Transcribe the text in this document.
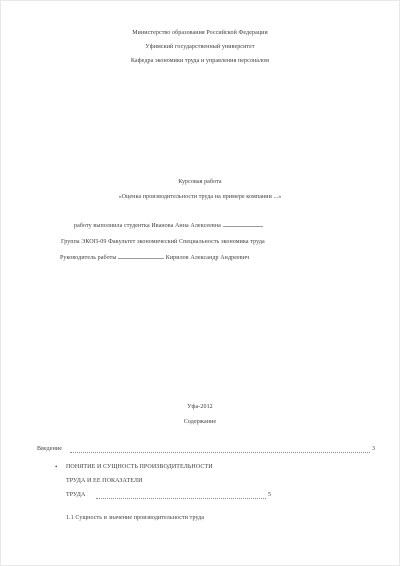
Министерство образования Российской Федерации
Уфимский государственный университет
Кафедра экономики труда и управления персоналом
Курсовая работа
«Оценка производительности труда на примере компании ...»
работу выполнила студентка Иванова Анна Алексеевна
Группа ЭКОП-09 Факультет экономический Специальность экономика труда
Руководитель работы	Кирилов Александр Андреевич
Уфа-2012
Содержание
Введение	3
• ПОНЯТИЕ И СУЩНОСТЬ ПРОИЗВОДИТЕЛЬНОСТИ
ТРУДА И ЕЕ ПОКАЗАТЕЛИ
ТРУДА	5
1.1 Сущность и значение производительности труда
